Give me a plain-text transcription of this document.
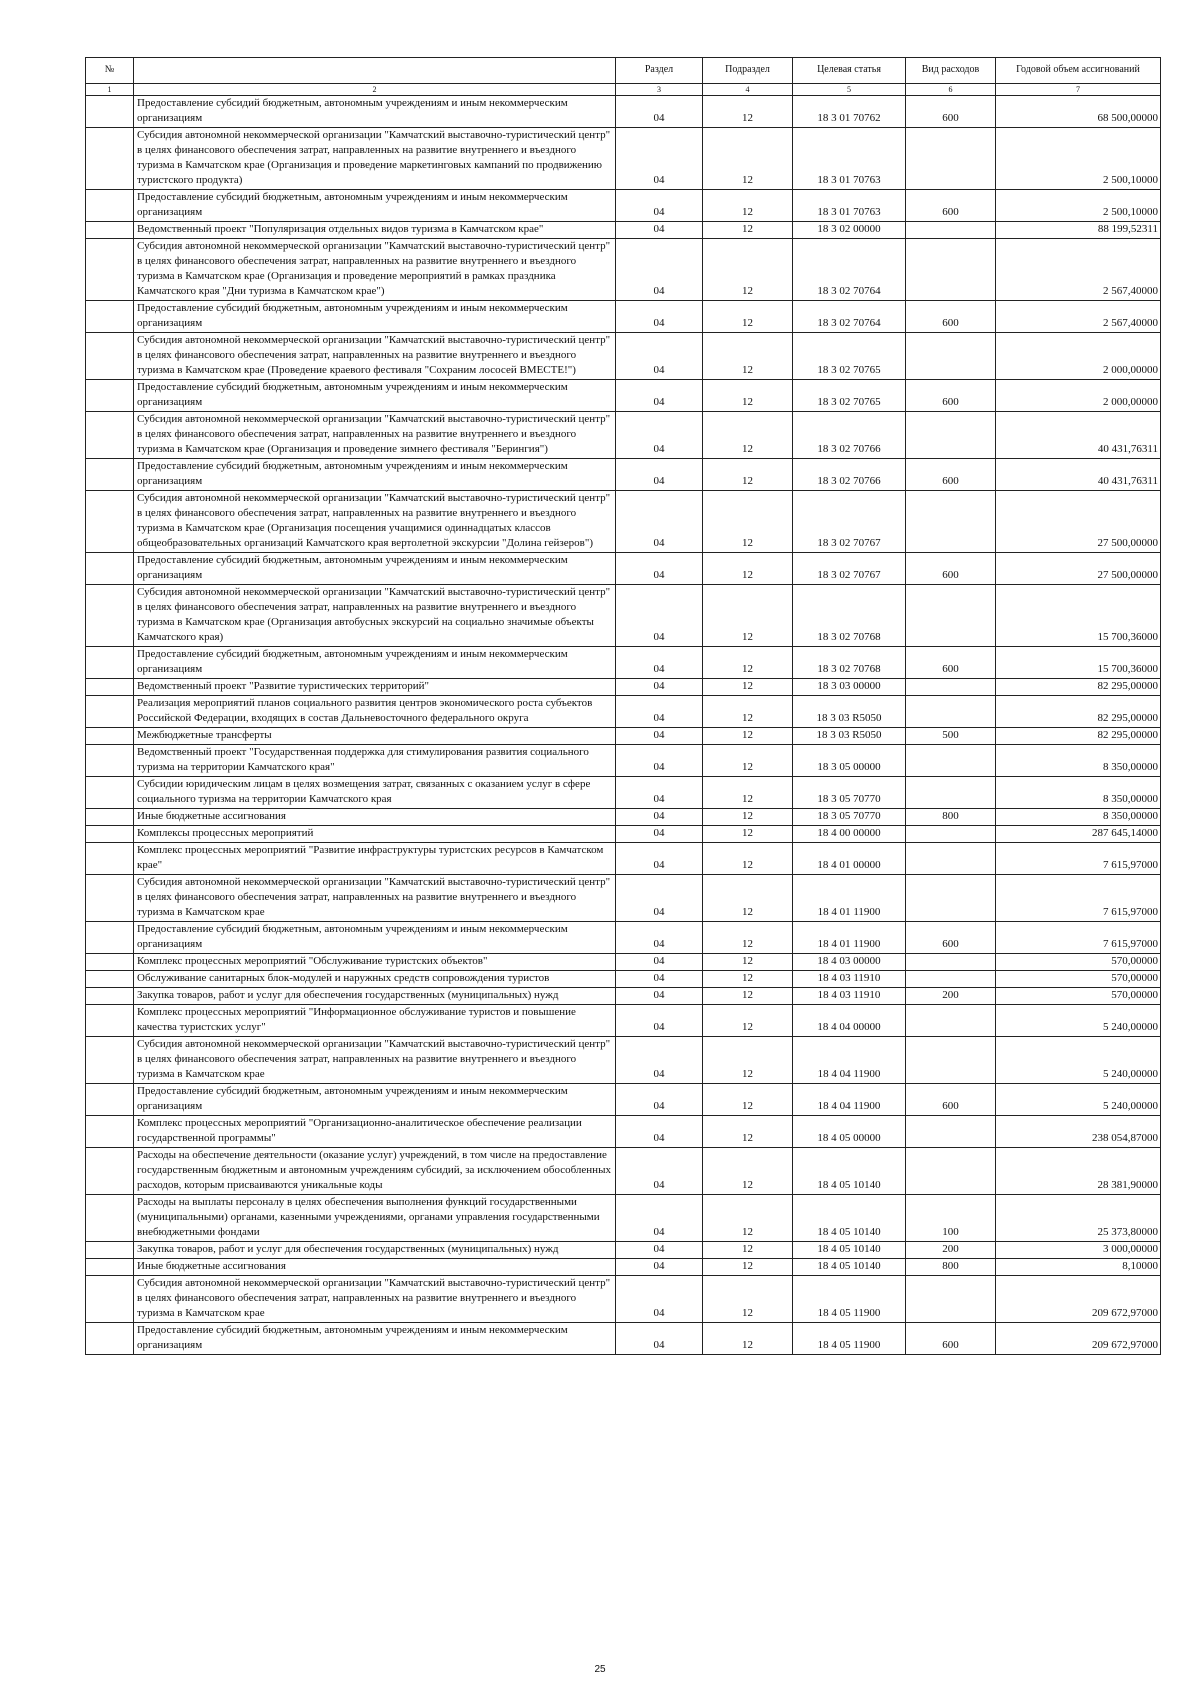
№		Раздел	Подраздел	Целевая статья	Вид расходов	Годовой объем ассигнований
1	2	3	4	5	6	7
	Предоставление субсидий бюджетным, автономным учреждениям и иным некоммерческим организациям	04	12	18 3 01 70762	600	68 500,00000
	Субсидия автономной некоммерческой организации "Камчатский выставочно-туристический центр" в целях финансового обеспечения затрат, направленных на развитие внутреннего и въездного туризма в Камчатском крае (Организация и проведение маркетинговых кампаний по продвижению туристского продукта)	04	12	18 3 01 70763		2 500,10000
	Предоставление субсидий бюджетным, автономным учреждениям и иным некоммерческим организациям	04	12	18 3 01 70763	600	2 500,10000
	Ведомственный проект "Популяризация отдельных видов туризма в Камчатском крае"	04	12	18 3 02 00000		88 199,52311
	Субсидия автономной некоммерческой организации "Камчатский выставочно-туристический центр" в целях финансового обеспечения затрат, направленных на развитие внутреннего и въездного туризма в Камчатском крае (Организация и проведение мероприятий в рамках праздника Камчатского края "Дни туризма в Камчатском крае")	04	12	18 3 02 70764		2 567,40000
	Предоставление субсидий бюджетным, автономным учреждениям и иным некоммерческим организациям	04	12	18 3 02 70764	600	2 567,40000
	Субсидия автономной некоммерческой организации "Камчатский выставочно-туристический центр" в целях финансового обеспечения затрат, направленных на развитие внутреннего и въездного туризма в Камчатском крае (Проведение краевого фестиваля "Сохраним лососей ВМЕСТЕ!")	04	12	18 3 02 70765		2 000,00000
	Предоставление субсидий бюджетным, автономным учреждениям и иным некоммерческим организациям	04	12	18 3 02 70765	600	2 000,00000
	Субсидия автономной некоммерческой организации "Камчатский выставочно-туристический центр" в целях финансового обеспечения затрат, направленных на развитие внутреннего и въездного туризма в Камчатском крае (Организация и проведение зимнего фестиваля "Берингия")	04	12	18 3 02 70766		40 431,76311
	Предоставление субсидий бюджетным, автономным учреждениям и иным некоммерческим организациям	04	12	18 3 02 70766	600	40 431,76311
	Субсидия автономной некоммерческой организации "Камчатский выставочно-туристический центр" в целях финансового обеспечения затрат, направленных на развитие внутреннего и въездного туризма в Камчатском крае (Организация посещения учащимися одиннадцатых классов общеобразовательных организаций Камчатского края вертолетной экскурсии "Долина гейзеров")	04	12	18 3 02 70767		27 500,00000
	Предоставление субсидий бюджетным, автономным учреждениям и иным некоммерческим организациям	04	12	18 3 02 70767	600	27 500,00000
	Субсидия автономной некоммерческой организации "Камчатский выставочно-туристический центр" в целях финансового обеспечения затрат, направленных на развитие внутреннего и въездного туризма в Камчатском крае (Организация автобусных экскурсий на социально значимые объекты Камчатского края)	04	12	18 3 02 70768		15 700,36000
	Предоставление субсидий бюджетным, автономным учреждениям и иным некоммерческим организациям	04	12	18 3 02 70768	600	15 700,36000
	Ведомственный проект "Развитие туристических территорий"	04	12	18 3 03 00000		82 295,00000
	Реализация мероприятий планов социального развития центров экономического роста субъектов Российской Федерации, входящих в состав Дальневосточного федерального округа	04	12	18 3 03 R5050		82 295,00000
	Межбюджетные трансферты	04	12	18 3 03 R5050	500	82 295,00000
	Ведомственный проект "Государственная поддержка для стимулирования развития социального туризма на территории Камчатского края"	04	12	18 3 05 00000		8 350,00000
	Субсидии юридическим лицам в целях возмещения затрат, связанных с оказанием услуг в сфере социального туризма на территории Камчатского края	04	12	18 3 05 70770		8 350,00000
	Иные бюджетные ассигнования	04	12	18 3 05 70770	800	8 350,00000
	Комплексы процессных мероприятий	04	12	18 4 00 00000		287 645,14000
	Комплекс процессных мероприятий "Развитие инфраструктуры туристских ресурсов в Камчатском крае"	04	12	18 4 01 00000		7 615,97000
	Субсидия автономной некоммерческой организации "Камчатский выставочно-туристический центр" в целях финансового обеспечения затрат, направленных на развитие внутреннего и въездного туризма в Камчатском крае	04	12	18 4 01 11900		7 615,97000
	Предоставление субсидий бюджетным, автономным учреждениям и иным некоммерческим организациям	04	12	18 4 01 11900	600	7 615,97000
	Комплекс процессных мероприятий "Обслуживание туристских объектов"	04	12	18 4 03 00000		570,00000
	Обслуживание санитарных блок-модулей и наружных средств сопровождения туристов	04	12	18 4 03 11910		570,00000
	Закупка товаров, работ и услуг для обеспечения государственных (муниципальных) нужд	04	12	18 4 03 11910	200	570,00000
	Комплекс процессных мероприятий "Информационное обслуживание туристов и повышение качества туристских услуг"	04	12	18 4 04 00000		5 240,00000
	Субсидия автономной некоммерческой организации "Камчатский выставочно-туристический центр" в целях финансового обеспечения затрат, направленных на развитие внутреннего и въездного туризма в Камчатском крае	04	12	18 4 04 11900		5 240,00000
	Предоставление субсидий бюджетным, автономным учреждениям и иным некоммерческим организациям	04	12	18 4 04 11900	600	5 240,00000
	Комплекс процессных мероприятий "Организационно-аналитическое обеспечение реализации государственной программы"	04	12	18 4 05 00000		238 054,87000
	Расходы на обеспечение деятельности (оказание услуг) учреждений, в том числе на предоставление государственным бюджетным и автономным учреждениям субсидий, за исключением обособленных расходов, которым присваиваются уникальные коды	04	12	18 4 05 10140		28 381,90000
	Расходы на выплаты персоналу в целях обеспечения выполнения функций государственными (муниципальными) органами, казенными учреждениями, органами управления государственными внебюджетными фондами	04	12	18 4 05 10140	100	25 373,80000
	Закупка товаров, работ и услуг для обеспечения государственных (муниципальных) нужд	04	12	18 4 05 10140	200	3 000,00000
	Иные бюджетные ассигнования	04	12	18 4 05 10140	800	8,10000
	Субсидия автономной некоммерческой организации "Камчатский выставочно-туристический центр" в целях финансового обеспечения затрат, направленных на развитие внутреннего и въездного туризма в Камчатском крае	04	12	18 4 05 11900		209 672,97000
	Предоставление субсидий бюджетным, автономным учреждениям и иным некоммерческим организациям	04	12	18 4 05 11900	600	209 672,97000
25
